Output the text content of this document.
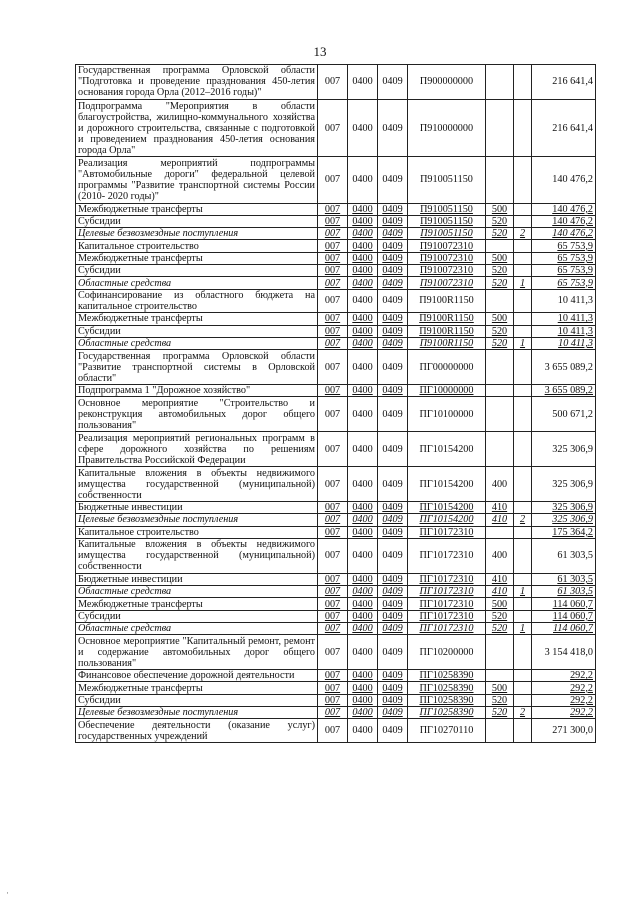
13
Государственная программа Орловской области "Подготовка и проведение празднования 450-летия основания города Орла (2012–2016 годы)"	007	0400	0409	П900000000			216 641,4
Подпрограмма "Мероприятия в области благоустройства, жилищно-коммунального хозяйства и дорожного строительства, связанные с подготовкой и проведением празднования 450-летия основания города Орла"	007	0400	0409	П910000000			216 641,4
Реализация мероприятий подпрограммы "Автомобильные дороги" федеральной целевой программы "Развитие транспортной системы России (2010- 2020 годы)"	007	0400	0409	П910051150			140 476,2
Межбюджетные трансферты	007	0400	0409	П910051150	500		140 476,2
Субсидии	007	0400	0409	П910051150	520		140 476,2
Целевые безвозмездные поступления	007	0400	0409	П910051150	520	2	140 476,2
Капитальное строительство	007	0400	0409	П910072310			65 753,9
Межбюджетные трансферты	007	0400	0409	П910072310	500		65 753,9
Субсидии	007	0400	0409	П910072310	520		65 753,9
Областные средства	007	0400	0409	П910072310	520	1	65 753,9
Софинансирование из областного бюджета на капитальное строительство	007	0400	0409	П9100R1150			10 411,3
Межбюджетные трансферты	007	0400	0409	П9100R1150	500		10 411,3
Субсидии	007	0400	0409	П9100R1150	520		10 411,3
Областные средства	007	0400	0409	П9100R1150	520	1	10 411,3
Государственная программа Орловской области "Развитие транспортной системы в Орловской области"	007	0400	0409	ПГ00000000			3 655 089,2
Подпрограмма 1 "Дорожное хозяйство"	007	0400	0409	ПГ10000000			3 655 089,2
Основное мероприятие "Строительство и реконструкция автомобильных дорог общего пользования"	007	0400	0409	ПГ10100000			500 671,2
Реализация мероприятий региональных программ в сфере дорожного хозяйства по решениям Правительства Российской Федерации	007	0400	0409	ПГ10154200			325 306,9
Капитальные вложения в объекты недвижимого имущества государственной (муниципальной) собственности	007	0400	0409	ПГ10154200	400		325 306,9
Бюджетные инвестиции	007	0400	0409	ПГ10154200	410		325 306,9
Целевые безвозмездные поступления	007	0400	0409	ПГ10154200	410	2	325 306,9
Капитальное строительство	007	0400	0409	ПГ10172310			175 364,2
Капитальные вложения в объекты недвижимого имущества государственной (муниципальной) собственности	007	0400	0409	ПГ10172310	400		61 303,5
Бюджетные инвестиции	007	0400	0409	ПГ10172310	410		61 303,5
Областные средства	007	0400	0409	ПГ10172310	410	1	61 303,5
Межбюджетные трансферты	007	0400	0409	ПГ10172310	500		114 060,7
Субсидии	007	0400	0409	ПГ10172310	520		114 060,7
Областные средства	007	0400	0409	ПГ10172310	520	1	114 060,7
Основное мероприятие "Капитальный ремонт, ремонт и содержание автомобильных дорог общего пользования"	007	0400	0409	ПГ10200000			3 154 418,0
Финансовое обеспечение дорожной деятельности	007	0400	0409	ПГ10258390			292,2
Межбюджетные трансферты	007	0400	0409	ПГ10258390	500		292,2
Субсидии	007	0400	0409	ПГ10258390	520		292,2
Целевые безвозмездные поступления	007	0400	0409	ПГ10258390	520	2	292,2
Обеспечение деятельности (оказание услуг) государственных учреждений	007	0400	0409	ПГ10270110			271 300,0
·
